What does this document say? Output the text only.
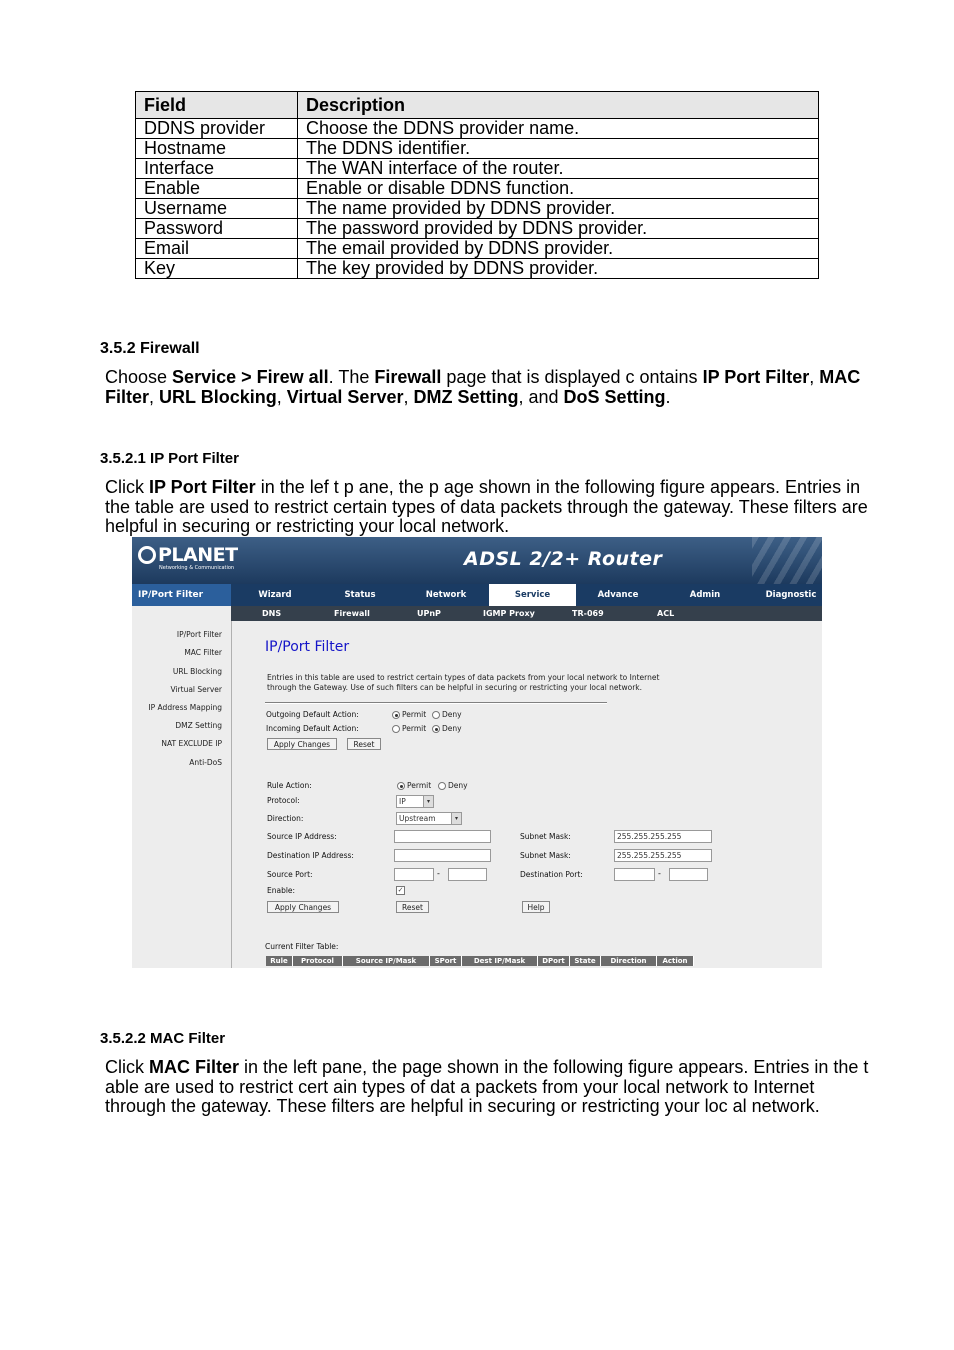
Field	Description
DDNS provider	Choose the DDNS provider name.
Hostname	The DDNS identifier.
Interface	The WAN interface of the router.
Enable	Enable or disable DDNS function.
Username	The name provided by DDNS provider.
Password	The password provided by DDNS provider.
Email	The email provided by DDNS provider.
Key	The key provided by DDNS provider.
3.5.2 Firewall
Choose Service > Firew all. The Firewall page that is displayed c ontains IP Port Filter, MAC Filter, URL Blocking, Virtual Server, DMZ Setting, and DoS Setting.
3.5.2.1 IP Port Filter
Click IP Port Filter in the lef t p ane, the p age shown in the following figure appears. Entries in the table are used to restrict certain types of data packets through the gateway. These filters are helpful in securing or restricting your local network.
PLANET
Networking & Communication	ADSL 2/2+ Router
IP/Port Filter	Wizard	Status	Network	Service	Advance	Admin	Diagnostic
DNS	Firewall	UPnP	IGMP Proxy	TR-069	ACL
IP/Port Filter
MAC Filter
URL Blocking
Virtual Server
IP Address Mapping
DMZ Setting
NAT EXCLUDE IP
Anti-DoS
IP/Port Filter
Entries in this table are used to restrict certain types of data packets from your local network to Internet through the Gateway. Use of such filters can be helpful in securing or restricting your local network.
Outgoing Default Action:	Permit	Deny
Incoming Default Action:	Permit	Deny
Apply Changes	Reset
Rule Action:	Permit	Deny
Protocol:	IP	▾
Direction:	Upstream	▾
Source IP Address:	Subnet Mask:	255.255.255.255
Destination IP Address:	Subnet Mask:	255.255.255.255
Source Port:	-	Destination Port:	-
Enable:	✓
Apply Changes	Reset	Help
Current Filter Table:
Rule	Protocol	Source IP/Mask	SPort	Dest IP/Mask	DPort	State	Direction	Action
3.5.2.2 MAC Filter
Click MAC Filter in the left pane, the page shown in the following figure appears. Entries in the t able are used to restrict cert ain types of dat a packets from your local network to Internet through the gateway. These filters are helpful in securing or restricting your loc al network.
